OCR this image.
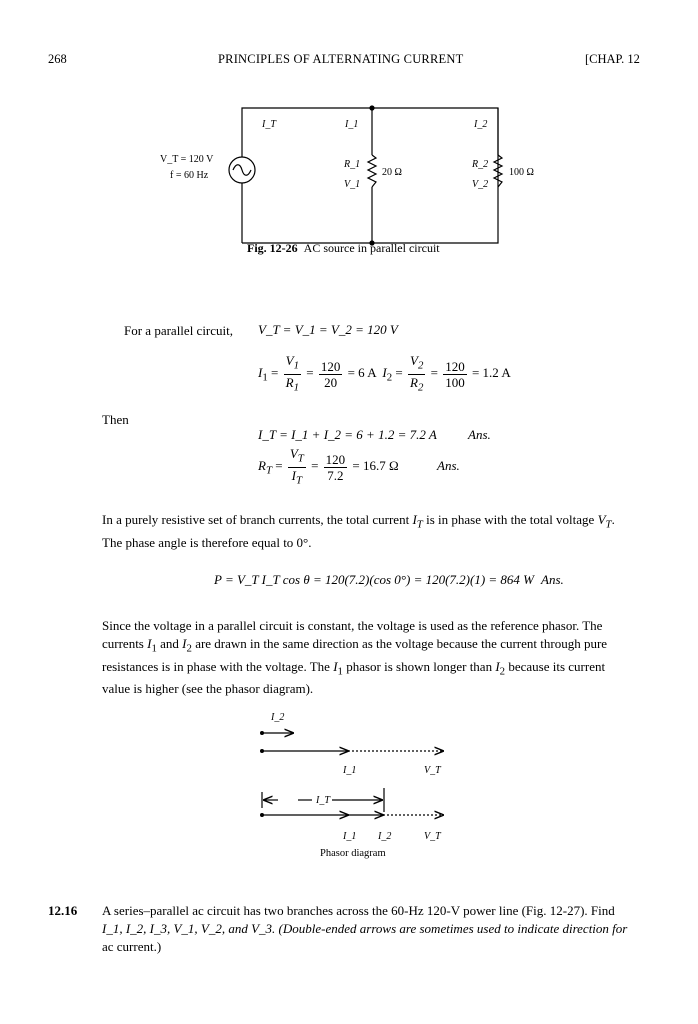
268	PRINCIPLES OF ALTERNATING CURRENT	[CHAP. 12
V_T = 120 V
f = 60 Hz
I_T	I_1	I_2
R_1
V_1
20 Ω
R_2
V_2
100 Ω
Fig. 12-26 AC source in parallel circuit
For a parallel circuit, V_T = V_1 = V_2 = 120 V
$I_1 = \frac{V_1}{R_1} = \frac{120}{20} = 6$ A $I_2 = \frac{V_2}{R_2} = \frac{120}{100} = 1.2$ A
Then
I_T = I_1 + I_2 = 6 + 1.2 = 7.2 A Ans.
$R_T = \frac{V_T}{I_T} = \frac{120}{7.2} = 16.7$ Ω	Ans.
In a purely resistive set of branch currents, the total current $I_T$ is in phase with the total voltage $V_T$.
The phase angle is therefore equal to 0°.
P = V_T I_T cos θ = 120(7.2)(cos 0°) = 120(7.2)(1) = 864 W Ans.
Since the voltage in a parallel circuit is constant, the voltage is used as the reference phasor. The
currents $I_1$ and $I_2$ are drawn in the same direction as the voltage because the current through pure
resistances is in phase with the voltage. The $I_1$ phasor is shown longer than $I_2$ because its current
value is higher (see the phasor diagram).
I_2
I_1	V_T
I_T
I_1 I_2	V_T
Phasor diagram
12.16 A series–parallel ac circuit has two branches across the 60-Hz 120-V power line (Fig. 12-27). Find
I_1, I_2, I_3, V_1, V_2, and V_3. (Double-ended arrows are sometimes used to indicate direction for
ac current.)
